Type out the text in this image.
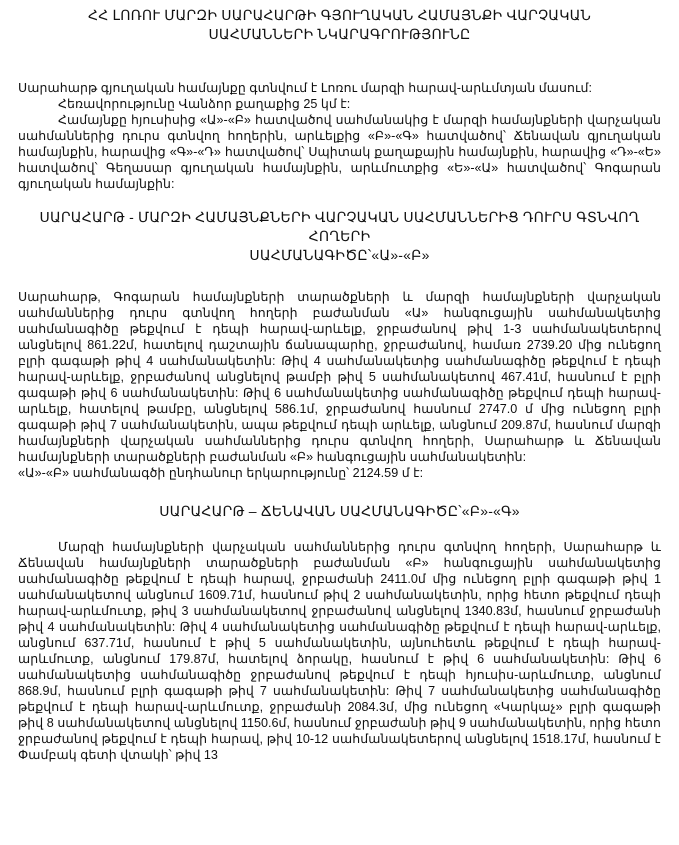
ՀՀ ԼՈՌՈՒ ՄԱՐԶԻ ՍԱՐԱՀԱՐԹԻ ԳՅՈՒՂԱԿԱՆ ՀԱՄԱՅՆՔԻ ՎԱՐՉԱԿԱՆ
ՍԱՀՄԱՆՆԵՐԻ ՆԿԱՐԱԳՐՈՒԹՅՈՒՆԸ

Սարահարթ գյուղական համայնքը գտնվում է Լոռու մարզի հարավ-արևմտյան մասում:

Հեռավորությունը Վանձոր քաղաքից 25 կմ է:

Համայնքը հյուսիսից «Ա»-«Բ» հատվածով սահմանակից է մարզի համայնքների վարչական սահմաններից դուրս գտնվող հողերին, արևելքից «Բ»-«Գ» հատվածով՝ Ճենավան գյուղական համայնքին, հարավից «Գ»-«Դ» հատվածով՝ Սպիտակ քաղաքային համայնքին, հարավից «Դ»-«Ե» հատվածով՝ Գեղասար գյուղական համայնքին, արևմուտքից «Ե»-«Ա» հատվածով՝ Գոգարան գյուղական համայնքին:

ՍԱՐԱՀԱՐԹ - ՄԱՐԶԻ ՀԱՄԱՅՆՔՆԵՐԻ ՎԱՐՉԱԿԱՆ ՍԱՀՄԱՆՆԵՐԻՑ ԴՈՒՐՍ ԳՏՆՎՈՂ ՀՈՂԵՐԻ
ՍԱՀՄԱՆԱԳԻԾԸ՝«Ա»-«Բ»

Սարահարթ, Գոգարան համայնքների տարածքների և մարզի համայնքների վարչական սահմաններից դուրս գտնվող հողերի բաժանման «Ա» հանգուցային սահմանակետից սահմանագիծը թեքվում է դեպի հարավ-արևելք, ջրբաժանով թիվ 1-3 սահմանակետերով անցնելով 861.22մ, հատելով դաշտային ճանապարհը, ջրբաժանով, համառ 2739.20 մից ունեցող բլրի գագաթի թիվ 4 սահմանակետին: Թիվ 4 սահմանակետից սահմանագիծը թեքվում է դեպի հարավ-արևելք, ջրբաժանով անցնելով թամբի թիվ 5 սահմանակետով 467.41մ, հասնում է բլրի գագաթի թիվ 6 սահմանակետին: Թիվ 6 սահմանակետից սահմանագիծը թեքվում դեպի հարավ-արևելք, հատելով թամբը, անցնելով 586.1մ, ջրբաժանով հասնում 2747.0 մ մից ունեցող բլրի գագաթի թիվ 7 սահմանակետին, ապա թեքվում դեպի արևելք, անցնում 209.87մ, հասնում մարզի համայնքների վարչական սահմաններից դուրս գտնվող հողերի, Սարահարթ և Ճենավան համայնքների տարածքների բաժանման «Բ» հանգուցային սահմանակետին:

«Ա»-«Բ» սահմանագծի ընդհանուր երկարությունը՝ 2124.59 մ է:

ՍԱՐԱՀԱՐԹ – ՃԵՆԱՎԱՆ ՍԱՀՄԱՆԱԳԻԾԸ՝«Բ»-«Գ»

Մարզի համայնքների վարչական սահմաններից դուրս գտնվող հողերի, Սարահարթ և Ճենավան համայնքների տարածքների բաժանման «Բ» հանգուցային սահմանակետից սահմանագիծը թեքվում է դեպի հարավ, ջրբաժանի 2411.0մ մից ունեցող բլրի գագաթի թիվ 1 սահմանակետով անցնում 1609.71մ, հասնում թիվ 2 սահմանակետին, որից հետո թեքվում դեպի հարավ-արևմուտք, թիվ 3 սահմանակետով ջրբաժանով անցնելով 1340.83մ, հասնում ջրբաժանի թիվ 4 սահմանակետին: Թիվ 4 սահմանակետից սահմանագիծը թեքվում է դեպի հարավ-արևելք, անցնում 637.71մ, հասնում է թիվ 5 սահմանակետին, այնուհետև թեքվում է դեպի հարավ-արևմուտք, անցնում 179.87մ, հատելով ձորակը, հասնում է թիվ 6 սահմանակետին: Թիվ 6 սահմանակետից սահմանագիծը ջրբաժանով թեքվում է դեպի հյուսիս-արևմուտք, անցնում 868.9մ, հասնում բլրի գագաթի թիվ 7 սահմանակետին: Թիվ 7 սահմանակետից սահմանագիծը թեքվում է դեպի հարավ-արևմուտք, ջրբաժանի 2084.3մ, մից ունեցող «Կարկաչ» բլրի գագաթի թիվ 8 սահմանակետով անցնելով 1150.6մ, հասնում ջրբաժանի թիվ 9 սահմանակետին, որից հետո ջրբաժանով թեքվում է դեպի հարավ, թիվ 10-12 սահմանակետերով անցնելով 1518.17մ, հասնում է Փամբակ գետի վտակի՝ թիվ 13
